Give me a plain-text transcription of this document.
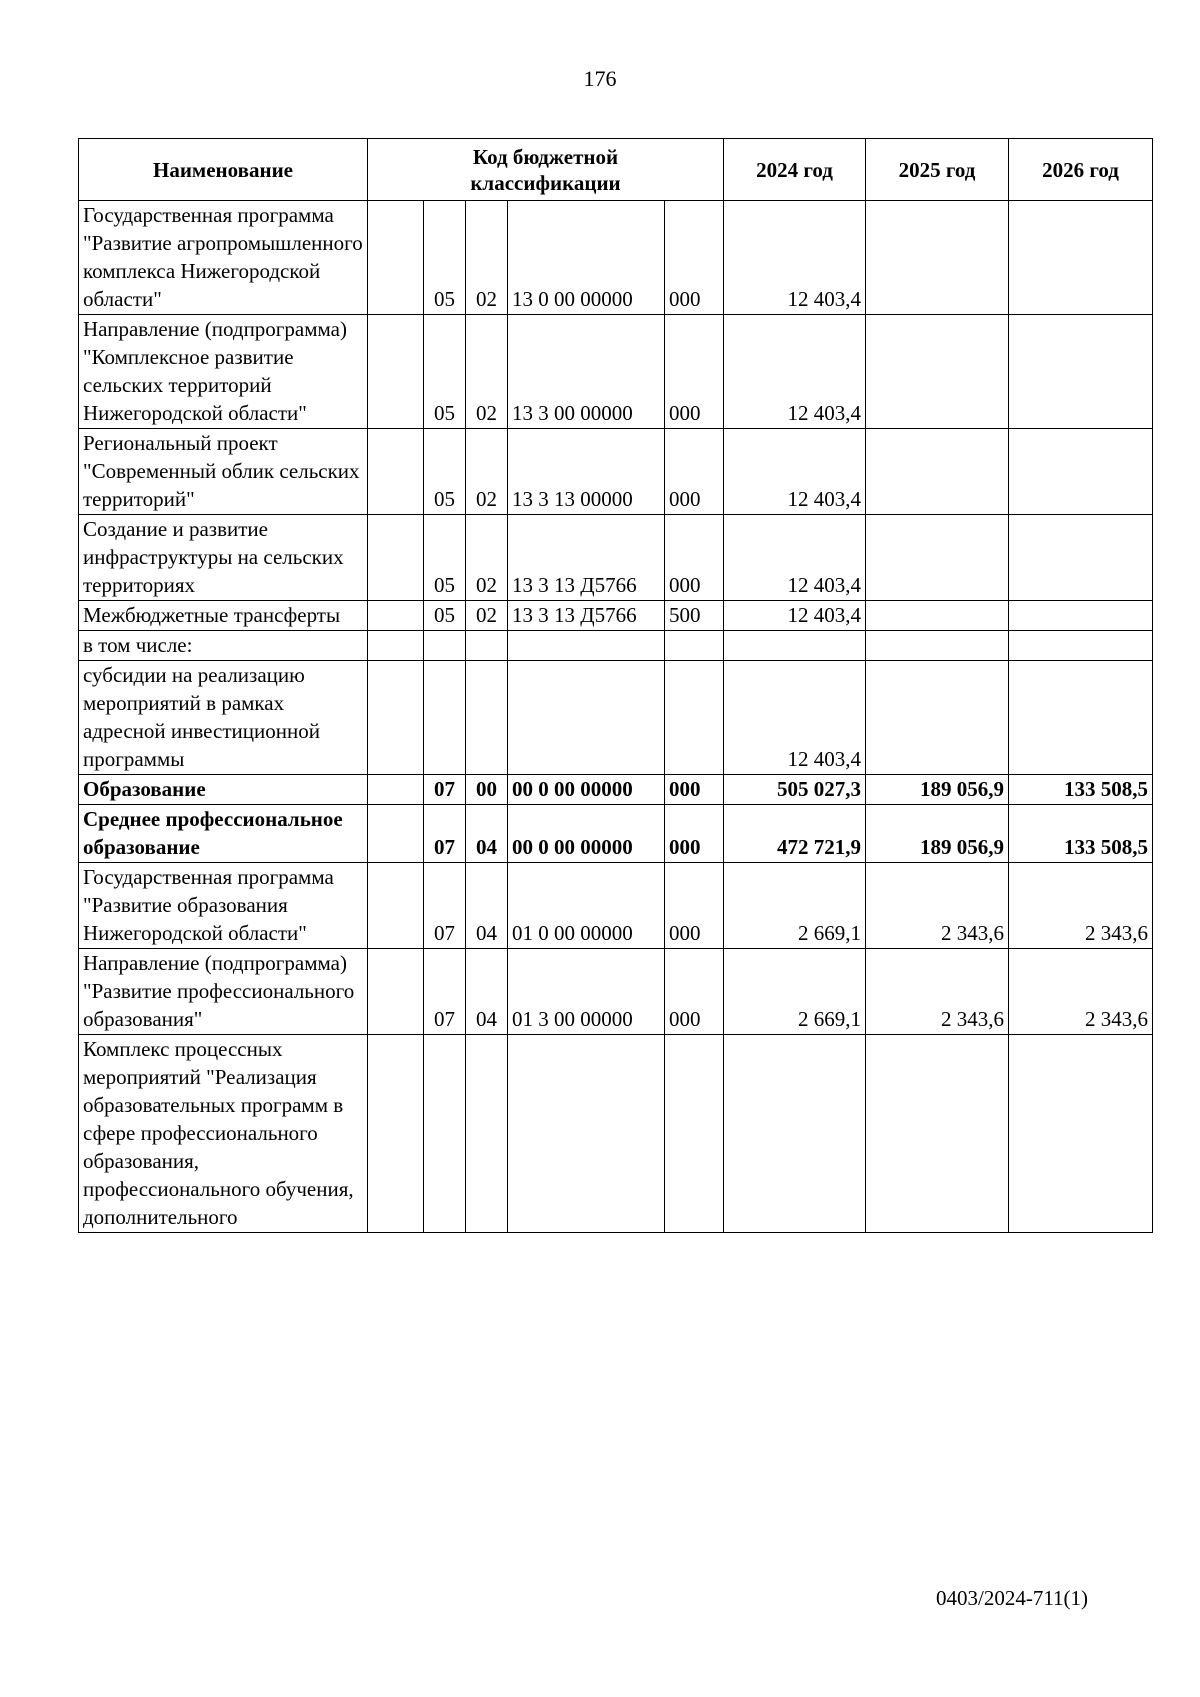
176
Наименование	Код бюджетной классификации					2024 год	2025 год	2026 год
Государственная программа "Развитие агропромышленного комплекса Нижегородской области"		05	02	13 0 00 00000	000	12 403,4		
Направление (подпрограмма) "Комплексное развитие сельских территорий Нижегородской области"		05	02	13 3 00 00000	000	12 403,4		
Региональный проект "Современный облик сельских территорий"		05	02	13 3 13 00000	000	12 403,4		
Создание и развитие инфраструктуры на сельских территориях		05	02	13 3 13 Д5766	000	12 403,4		
Межбюджетные трансферты		05	02	13 3 13 Д5766	500	12 403,4		
в том числе:								
субсидии на реализацию мероприятий в рамках адресной инвестиционной программы						12 403,4		
Образование		07	00	00 0 00 00000	000	505 027,3	189 056,9	133 508,5
Среднее профессиональное образование		07	04	00 0 00 00000	000	472 721,9	189 056,9	133 508,5
Государственная программа "Развитие образования Нижегородской области"		07	04	01 0 00 00000	000	2 669,1	2 343,6	2 343,6
Направление (подпрограмма) "Развитие профессионального образования"		07	04	01 3 00 00000	000	2 669,1	2 343,6	2 343,6
Комплекс процессных мероприятий "Реализация образовательных программ в сфере профессионального образования, профессионального обучения, дополнительного								
0403/2024-711(1)
